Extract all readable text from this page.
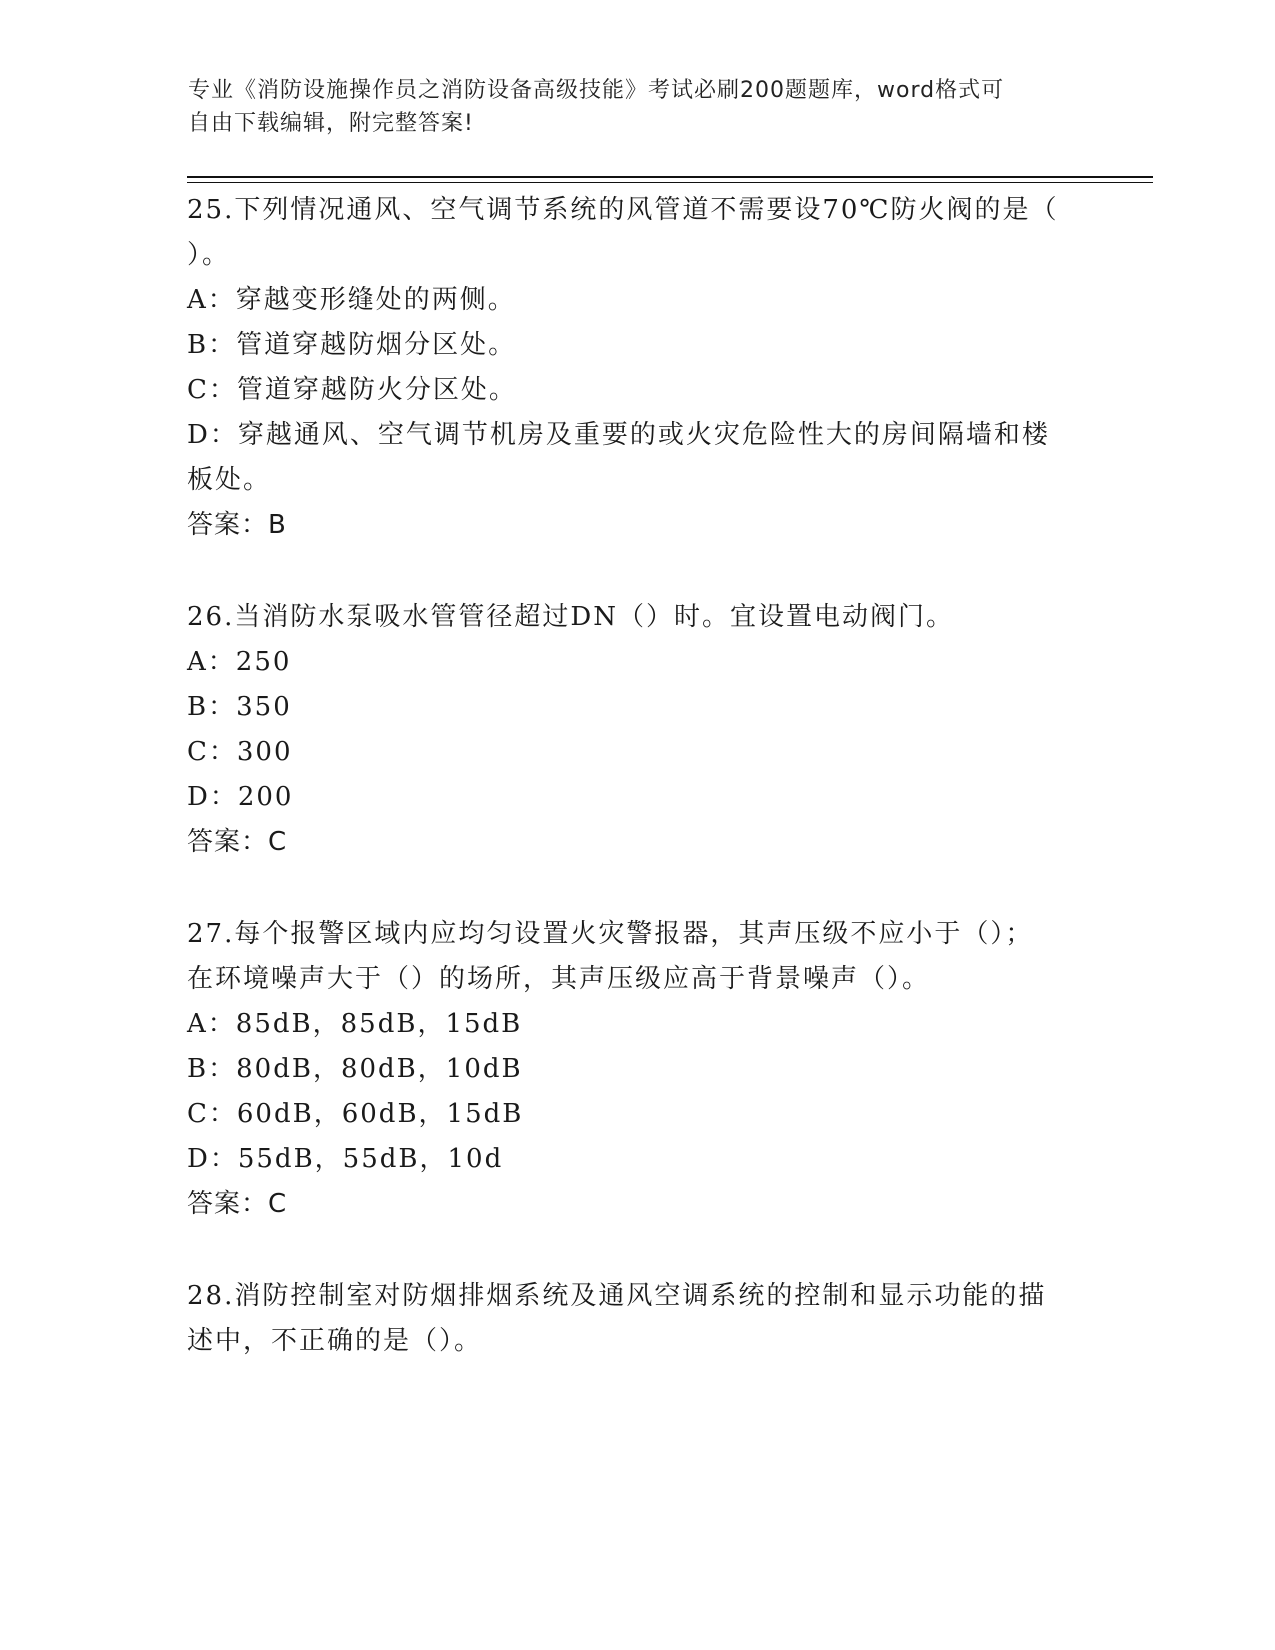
专业《消防设施操作员之消防设备高级技能》考试必刷200题题库，word格式可
自由下载编辑，附完整答案!
25.下列情况通风、空气调节系统的风管道不需要设70℃防火阀的是（
）。
A：穿越变形缝处的两侧。
B：管道穿越防烟分区处。
C：管道穿越防火分区处。
D：穿越通风、空气调节机房及重要的或火灾危险性大的房间隔墙和楼
板处。
答案：B
26.当消防水泵吸水管管径超过DN（）时。宜设置电动阀门。
A：250
B：350
C：300
D：200
答案：C
27.每个报警区域内应均匀设置火灾警报器，其声压级不应小于（）；
在环境噪声大于（）的场所，其声压级应高于背景噪声（）。
A：85dB，85dB，15dB
B：80dB，80dB，10dB
C：60dB，60dB，15dB
D：55dB，55dB，10d
答案：C
28.消防控制室对防烟排烟系统及通风空调系统的控制和显示功能的描
述中，不正确的是（）。
